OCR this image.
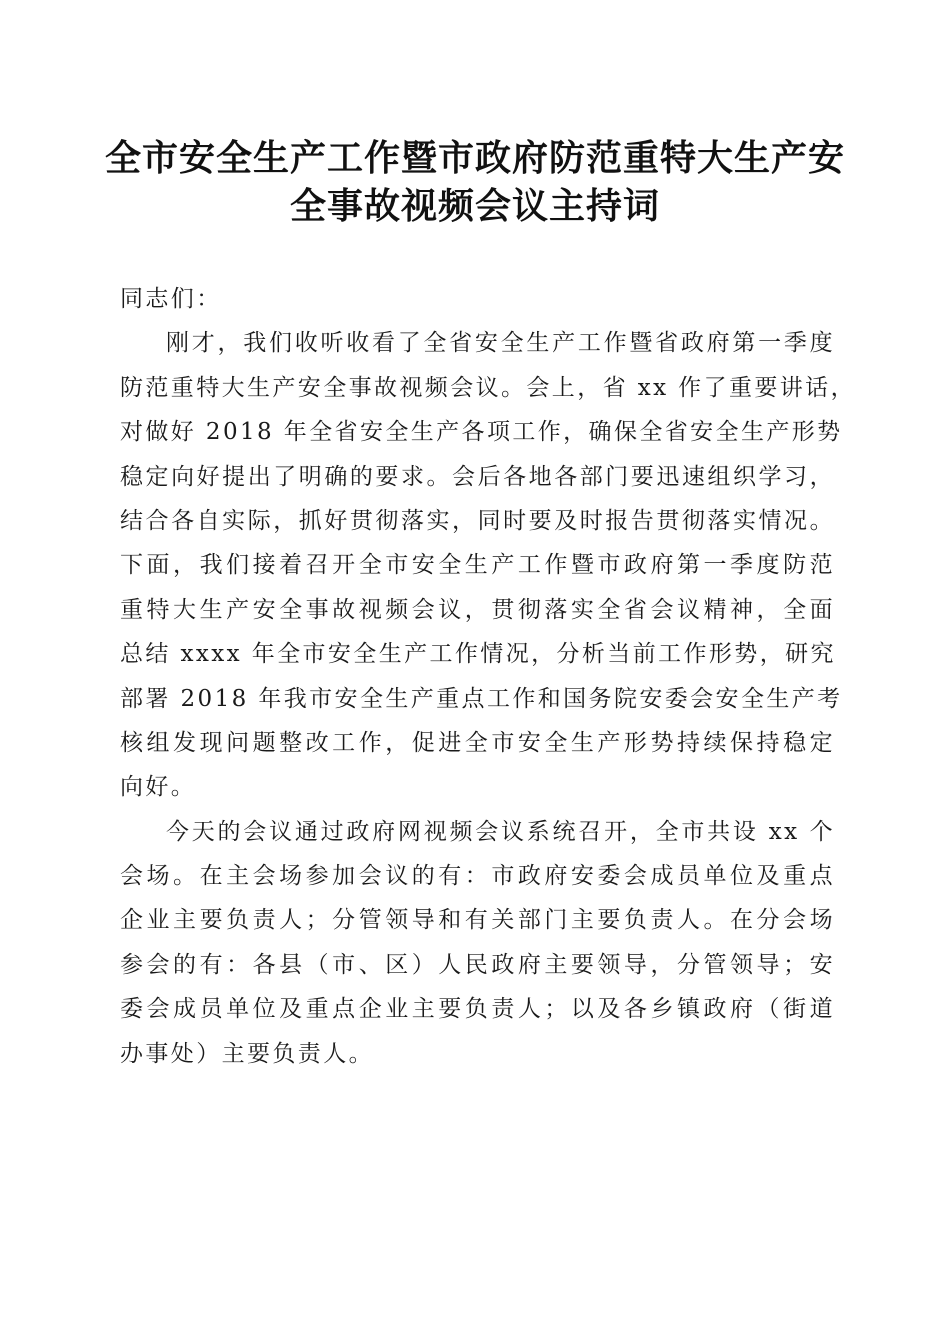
全市安全生产工作暨市政府防范重特大生产安
全事故视频会议主持词
同志们：
刚才，我们收听收看了全省安全生产工作暨省政府第一季度
防范重特大生产安全事故视频会议。会上，省 xx 作了重要讲话，
对做好 2018 年全省安全生产各项工作，确保全省安全生产形势
稳定向好提出了明确的要求。会后各地各部门要迅速组织学习，
结合各自实际，抓好贯彻落实，同时要及时报告贯彻落实情况。
下面，我们接着召开全市安全生产工作暨市政府第一季度防范
重特大生产安全事故视频会议，贯彻落实全省会议精神，全面
总结 xxxx 年全市安全生产工作情况，分析当前工作形势，研究
部署 2018 年我市安全生产重点工作和国务院安委会安全生产考
核组发现问题整改工作，促进全市安全生产形势持续保持稳定
向好。
今天的会议通过政府网视频会议系统召开，全市共设 xx 个
会场。在主会场参加会议的有：市政府安委会成员单位及重点
企业主要负责人；分管领导和有关部门主要负责人。在分会场
参会的有：各县（市、区）人民政府主要领导，分管领导；安
委会成员单位及重点企业主要负责人；以及各乡镇政府（街道
办事处）主要负责人。
